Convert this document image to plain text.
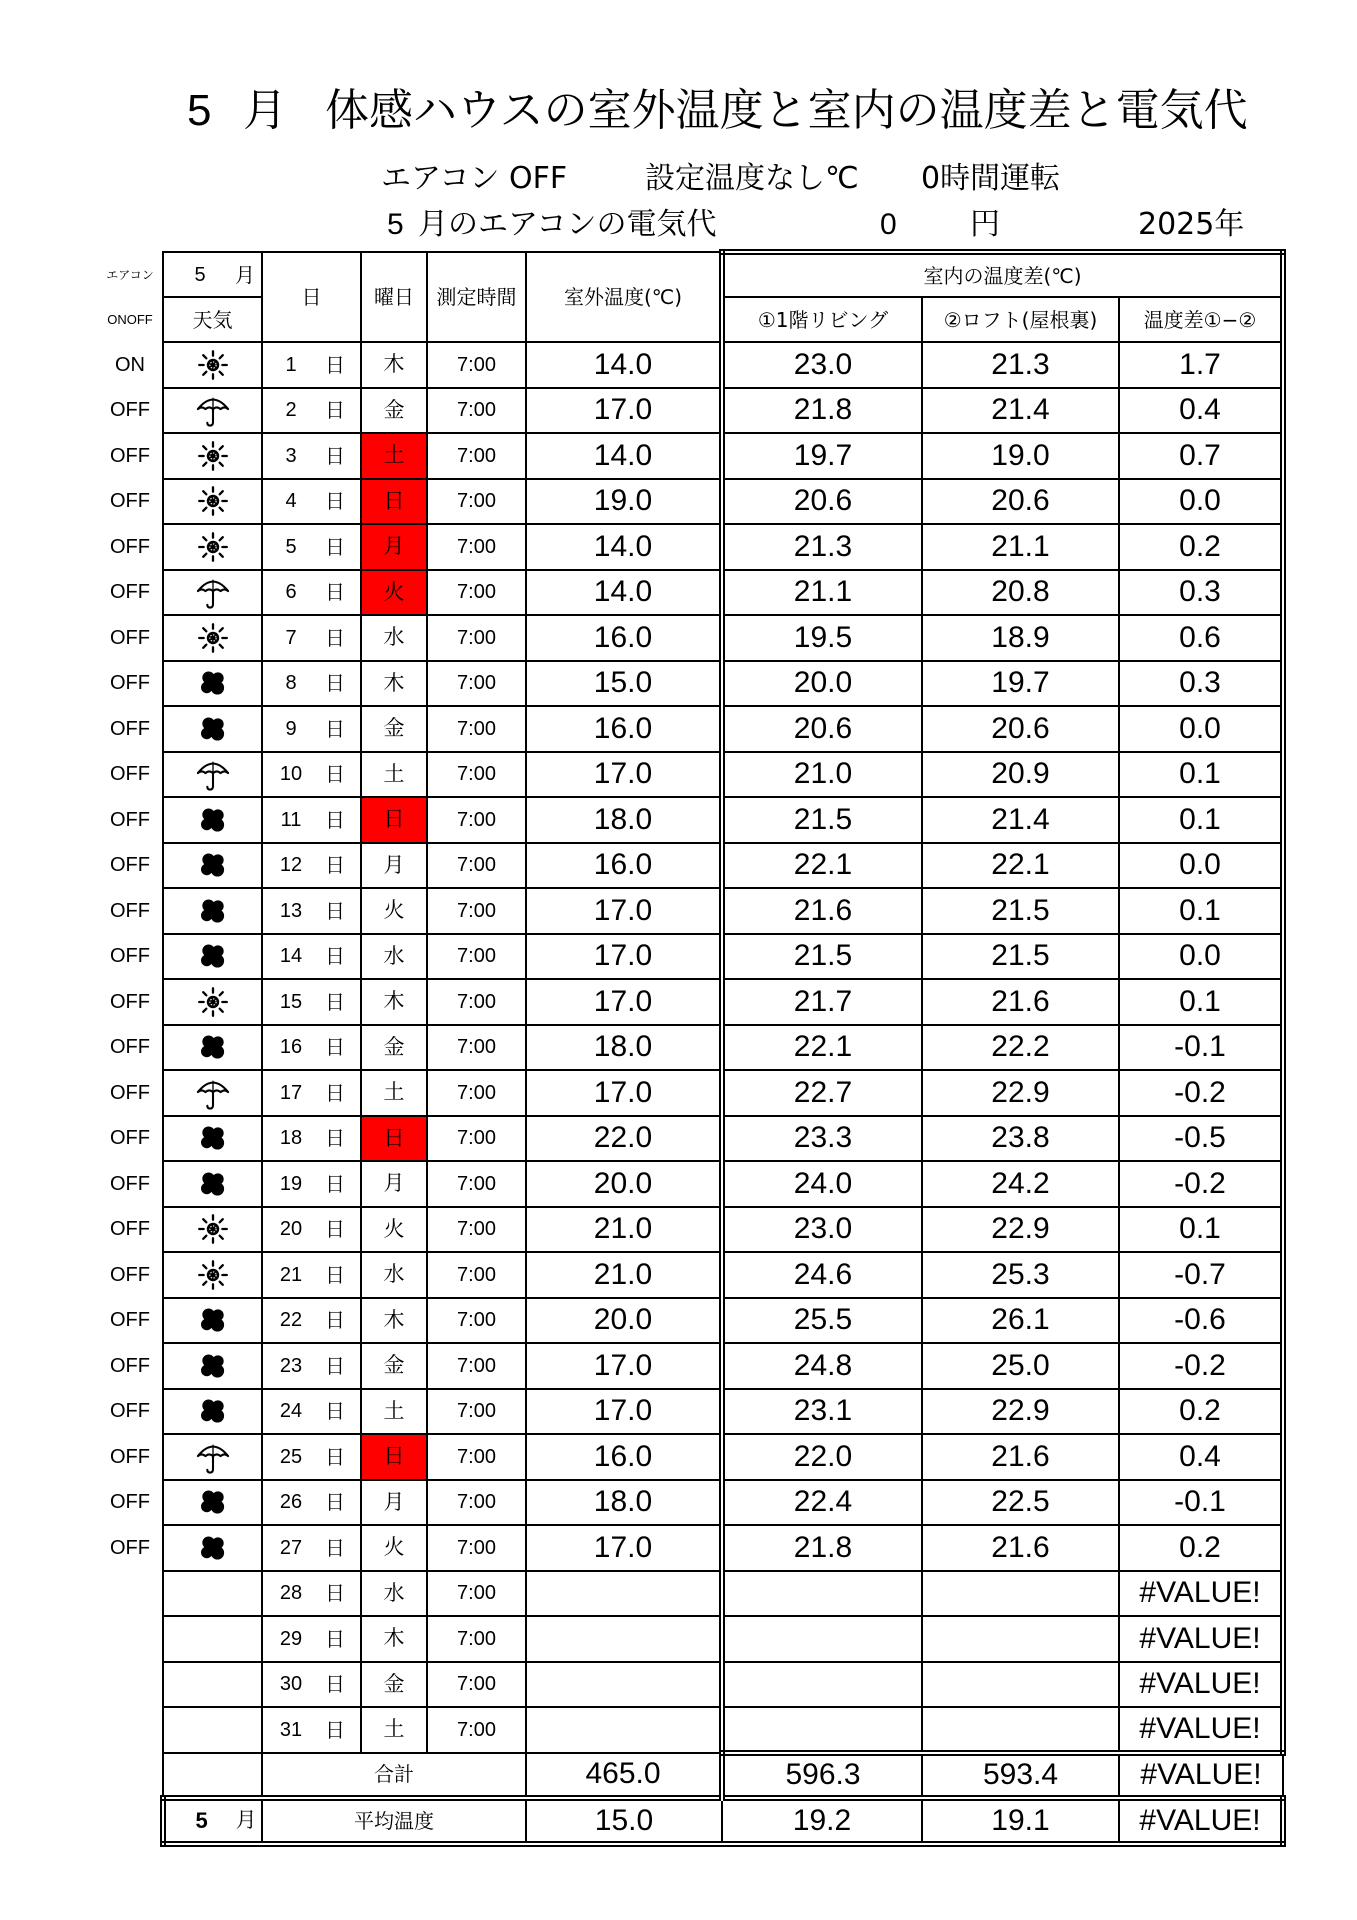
5 月 体感ハウスの室外温度と室内の温度差と電気代
エアコン OFF	設定温度なし℃ 0時間運転
5 月のエアコンの電気代	0 円	2025年
エアコン	5 月	日	曜日	測定時間	室外温度(℃)	室内の温度差(℃)		
ONOFF	天気					①1階リビング	②ロフト(屋根裏)	温度差①−②
ON		1 日	木	7:00	14.0	23.0	21.3	1.7
OFF		2 日	金	7:00	17.0	21.8	21.4	0.4
OFF		3 日	土	7:00	14.0	19.7	19.0	0.7
OFF		4 日	日	7:00	19.0	20.6	20.6	0.0
OFF		5 日	月	7:00	14.0	21.3	21.1	0.2
OFF		6 日	火	7:00	14.0	21.1	20.8	0.3
OFF		7 日	水	7:00	16.0	19.5	18.9	0.6
OFF		8 日	木	7:00	15.0	20.0	19.7	0.3
OFF		9 日	金	7:00	16.0	20.6	20.6	0.0
OFF		10 日	土	7:00	17.0	21.0	20.9	0.1
OFF		11 日	日	7:00	18.0	21.5	21.4	0.1
OFF		12 日	月	7:00	16.0	22.1	22.1	0.0
OFF		13 日	火	7:00	17.0	21.6	21.5	0.1
OFF		14 日	水	7:00	17.0	21.5	21.5	0.0
OFF		15 日	木	7:00	17.0	21.7	21.6	0.1
OFF		16 日	金	7:00	18.0	22.1	22.2	-0.1
OFF		17 日	土	7:00	17.0	22.7	22.9	-0.2
OFF		18 日	日	7:00	22.0	23.3	23.8	-0.5
OFF		19 日	月	7:00	20.0	24.0	24.2	-0.2
OFF		20 日	火	7:00	21.0	23.0	22.9	0.1
OFF		21 日	水	7:00	21.0	24.6	25.3	-0.7
OFF		22 日	木	7:00	20.0	25.5	26.1	-0.6
OFF		23 日	金	7:00	17.0	24.8	25.0	-0.2
OFF		24 日	土	7:00	17.0	23.1	22.9	0.2
OFF		25 日	日	7:00	16.0	22.0	21.6	0.4
OFF		26 日	月	7:00	18.0	22.4	22.5	-0.1
OFF		27 日	火	7:00	17.0	21.8	21.6	0.2

		28 日	水	7:00				#VALUE!

		29 日	木	7:00				#VALUE!

		30 日	金	7:00				#VALUE!

		31 日	土	7:00				#VALUE!
		合計			465.0	596.3	593.4	#VALUE!

	5 月	平均温度			15.0	19.2	19.1	#VALUE!
